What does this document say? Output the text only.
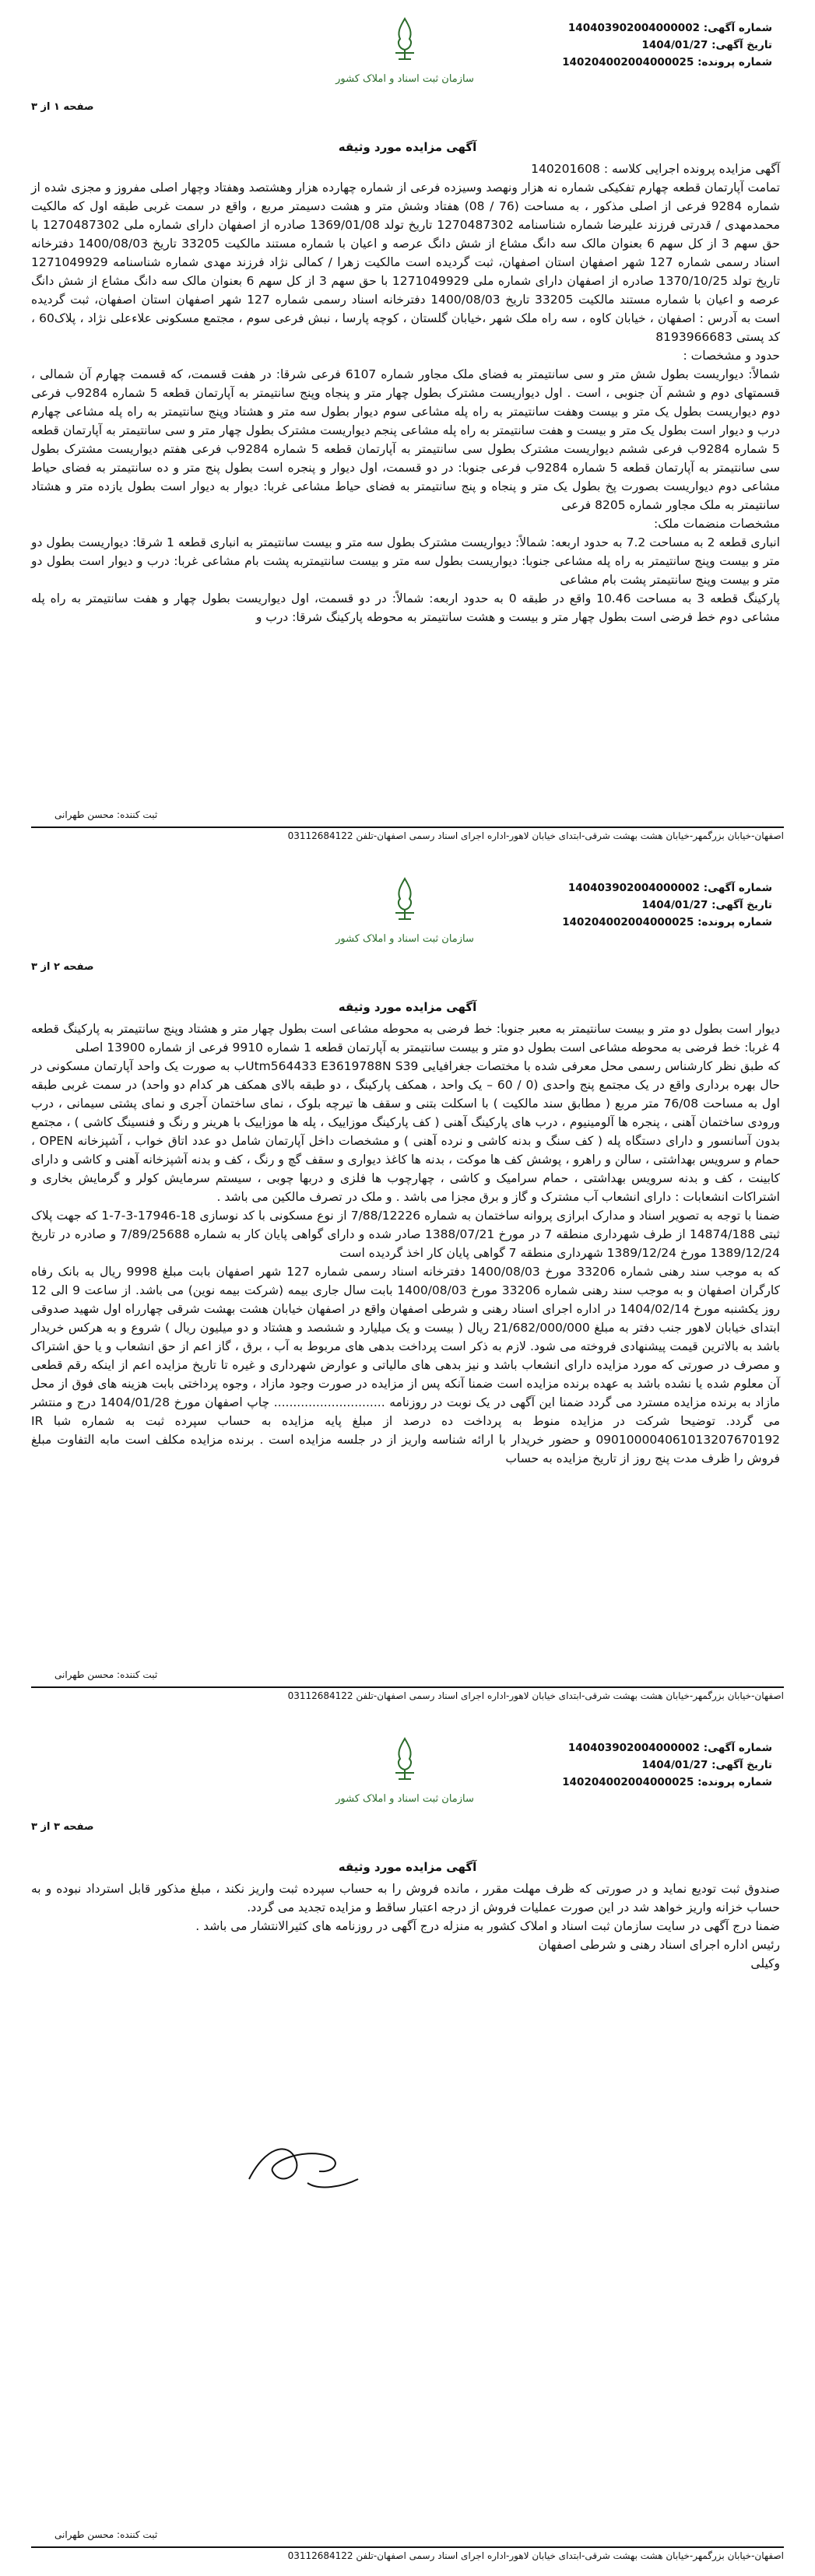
سازمان ثبت اسناد و املاک کشور
شماره آگهی: 140403902004000002
تاریخ آگهی: 1404/01/27
شماره پرونده: 140204002004000025
صفحه ۱ از ۳
آگهی مزایده مورد وثیقه

آگهی مزایده پرونده اجرایی کلاسه : 140201608

تمامت آپارتمان قطعه چهارم تفکیکی شماره نه هزار ونهصد وسیزده فرعی از شماره چهارده هزار وهشتصد وهفتاد وچهار اصلی مفروز و مجزی شده از شماره 9284 فرعی از اصلی مذکور ، به مساحت (76 / 08) هفتاد وشش متر و هشت دسیمتر مربع ، واقع در سمت غربی طبقه اول که مالکیت محمدمهدی / قدرتی فرزند علیرضا شماره شناسنامه 1270487302 تاریخ تولد 1369/01/08 صادره از اصفهان دارای شماره ملی 1270487302 با حق سهم 3 از کل سهم 6 بعنوان مالک سه دانگ مشاع از شش دانگ عرصه و اعیان با شماره مستند مالکیت 33205 تاریخ 1400/08/03 دفترخانه اسناد رسمی شماره 127 شهر اصفهان استان اصفهان، ثبت گردیده است مالکیت زهرا / کمالی نژاد فرزند مهدی شماره شناسنامه 1271049929 تاریخ تولد 1370/10/25 صادره از اصفهان دارای شماره ملی 1271049929 با حق سهم 3 از کل سهم 6 بعنوان مالک سه دانگ مشاع از شش دانگ عرصه و اعیان با شماره مستند مالکیت 33205 تاریخ 1400/08/03 دفترخانه اسناد رسمی شماره 127 شهر اصفهان استان اصفهان، ثبت گردیده است به آدرس : اصفهان ، خیابان کاوه ، سه راه ملک شهر ،خیابان گلستان ، کوچه پارسا ، نبش فرعی سوم ، مجتمع مسکونی علاءعلی نژاد ، پلاک60 ، کد پستی 8193966683

حدود و مشخصات :

شمالاً: دیواریست بطول شش متر و سی سانتیمتر به فضای ملک مجاور شماره 6107 فرعی شرقا: در هفت قسمت، که قسمت چهارم آن شمالی ، قسمتهای دوم و ششم آن جنوبی ، است . اول دیواریست مشترک بطول چهار متر و پنجاه وپنج سانتیمتر به آپارتمان قطعه 5 شماره 9284ب فرعی دوم دیواریست بطول یک متر و بیست وهفت سانتیمتر به راه پله مشاعی سوم دیوار بطول سه متر و هشتاد وپنج سانتیمتر به راه پله مشاعی چهارم درب و دیوار است بطول یک متر و بیست و هفت سانتیمتر به راه پله مشاعی پنجم دیواریست مشترک بطول چهار متر و سی سانتیمتر به آپارتمان قطعه 5 شماره 9284ب فرعی ششم دیواریست مشترک بطول سی سانتیمتر به آپارتمان قطعه 5 شماره 9284ب فرعی هفتم دیواریست مشترک بطول سی سانتیمتر به آپارتمان قطعه 5 شماره 9284ب فرعی جنوبا: در دو قسمت، اول دیوار و پنجره است بطول پنج متر و ده سانتیمتر به فضای حیاط مشاعی دوم دیواریست بصورت پخ بطول یک متر و پنجاه و پنج سانتیمتر به فضای حیاط مشاعی غربا: دیوار به دیوار است بطول یازده متر و هشتاد سانتیمتر به ملک مجاور شماره 8205 فرعی

مشخصات منضمات ملک:

انباری قطعه 2 به مساحت 7.2 به حدود اربعه: شمالاً: دیواریست مشترک بطول سه متر و بیست سانتیمتر به انباری قطعه 1 شرقا: دیواریست بطول دو متر و بیست وپنج سانتیمتر به راه پله مشاعی جنوبا: دیواریست بطول سه متر و بیست سانتیمتربه پشت بام مشاعی غربا: درب و دیوار است بطول دو متر و بیست وپنج سانتیمتر پشت بام مشاعی

پارکینگ قطعه 3 به مساحت 10.46 واقع در طبقه 0 به حدود اربعه: شمالاً: در دو قسمت، اول دیواریست بطول چهار و هفت سانتیمتر به راه پله مشاعی دوم خط فرضی است بطول چهار متر و بیست و هشت سانتیمتر به محوطه پارکینگ شرقا: درب و

ثبت کننده: محسن طهرانی
اصفهان-خیابان بزرگمهر-خیابان هشت بهشت شرقی-ابتدای خیابان لاهور-اداره اجرای اسناد رسمی اصفهان-تلفن 03112684122
سازمان ثبت اسناد و املاک کشور
شماره آگهی: 140403902004000002
تاریخ آگهی: 1404/01/27
شماره پرونده: 140204002004000025
صفحه ۲ از ۳
آگهی مزایده مورد وثیقه

دیوار است بطول دو متر و بیست سانتیمتر به معبر جنوبا: خط فرضی به محوطه مشاعی است بطول چهار متر و هشتاد وپنج سانتیمتر به پارکینگ قطعه 4 غربا: خط فرضی به محوطه مشاعی است بطول دو متر و بیست سانتیمتر به آپارتمان قطعه 1 شماره 9910 فرعی از شماره 13900 اصلی

که طبق نظر کارشناس رسمی محل معرفی شده با مختصات جغرافیایی Utm564433 E3619788N S39ب به صورت یک واحد آپارتمان مسکونی در حال بهره برداری واقع در یک مجتمع پنج واحدی (0 / 60 – یک واحد ، همکف پارکینگ ، دو طبقه بالای همکف هر کدام دو واحد) در سمت غربی طبقه اول به مساحت 76/08 متر مربع ( مطابق سند مالکیت ) با اسکلت بتنی و سقف ها تیرچه بلوک ، نمای ساختمان آجری و نمای پشتی سیمانی ، درب ورودی ساختمان آهنی ، پنجره ها آلومینیوم ، درب های پارکینگ آهنی ( کف پارکینگ موزاییک ، پله ها موزاییک با هرینر و رنگ و فنسینگ کاشی ) ، مجتمع بدون آسانسور و دارای دستگاه پله ( کف سنگ و بدنه کاشی و نرده آهنی ) و مشخصات داخل آپارتمان شامل دو عدد اتاق خواب ، آشپزخانه OPEN ، حمام و سرویس بهداشتی ، سالن و راهرو ، پوشش کف ها موکت ، بدنه ها کاغذ دیواری و سقف گچ و رنگ ، کف و بدنه آشپزخانه آهنی و کاشی و دارای کابینت ، کف و بدنه سرویس بهداشتی ، حمام سرامیک و کاشی ، چهارچوب ها فلزی و دربها چوبی ، سیستم سرمایش کولر و گرمایش بخاری و اشتراکات انشعابات : دارای انشعاب آب مشترک و گاز و برق مجزا می باشد . و ملک در تصرف مالکین می باشد .

ضمنا با توجه به تصویر اسناد و مدارک ابرازی پروانه ساختمان به شماره 7/88/12226 از نوع مسکونی با کد نوسازی 18-17946-3-7-1 که جهت پلاک ثبتی 14874/188 از طرف شهرداری منطقه 7 در مورخ 1388/07/21 صادر شده و دارای گواهی پایان کار به شماره 7/89/25688 و صادره در تاریخ 1389/12/24 مورخ 1389/12/24 شهرداری منطقه 7 گواهی پایان کار اخذ گردیده است

که به موجب سند رهنی شماره 33206 مورخ 1400/08/03 دفترخانه اسناد رسمی شماره 127 شهر اصفهان بابت مبلغ 9998 ریال به بانک رفاه کارگران اصفهان و به موجب سند رهنی شماره 33206 مورخ 1400/08/03 بابت سال جاری بیمه (شرکت بیمه نوین) می باشد. از ساعت 9 الی 12 روز یکشنبه مورخ 1404/02/14 در اداره اجرای اسناد رهنی و شرطی اصفهان واقع در اصفهان خیابان هشت بهشت شرقی چهارراه اول شهید صدوقی ابتدای خیابان لاهور جنب دفتر به مبلغ 21/682/000/000 ریال ( بیست و یک میلیارد و ششصد و هشتاد و دو میلیون ریال ) شروع و به هرکس خریدار باشد به بالاترین قیمت پیشنهادی فروخته می شود. لازم به ذکر است پرداخت بدهی های مربوط به آب ، برق ، گاز اعم از حق انشعاب و یا حق اشتراک و مصرف در صورتی که مورد مزایده دارای انشعاب باشد و نیز بدهی های مالیاتی و عوارض شهرداری و غیره تا تاریخ مزایده اعم از اینکه رقم قطعی آن معلوم شده یا نشده باشد به عهده برنده مزایده است ضمنا آنکه پس از مزایده در صورت وجود مازاد ، وجوه پرداختی بابت هزینه های فوق از محل مازاد به برنده مزایده مسترد می گردد ضمنا این آگهی در یک نوبت در روزنامه ............................. چاپ اصفهان مورخ 1404/01/28 درج و منتشر می گردد. توضیحا شرکت در مزایده منوط به پرداخت ده درصد از مبلغ پایه مزایده به حساب سپرده ثبت به شماره شبا IR 090100004061013207670192 و حضور خریدار با ارائه شناسه واریز از در جلسه مزایده است . برنده مزایده مکلف است مابه التفاوت مبلغ فروش را ظرف مدت پنج روز از تاریخ مزایده به حساب

ثبت کننده: محسن طهرانی
اصفهان-خیابان بزرگمهر-خیابان هشت بهشت شرقی-ابتدای خیابان لاهور-اداره اجرای اسناد رسمی اصفهان-تلفن 03112684122
سازمان ثبت اسناد و املاک کشور
شماره آگهی: 140403902004000002
تاریخ آگهی: 1404/01/27
شماره پرونده: 140204002004000025
صفحه ۳ از ۳
آگهی مزایده مورد وثیقه

صندوق ثبت تودیع نماید و در صورتی که ظرف مهلت مقرر ، مانده فروش را به حساب سپرده ثبت واریز نکند ، مبلغ مذکور قابل استرداد نبوده و به حساب خزانه واریز خواهد شد در این صورت عملیات فروش از درجه اعتبار ساقط و مزایده تجدید می گردد.

ضمنا درج آگهی در سایت سازمان ثبت اسناد و املاک کشور به منزله درج آگهی در روزنامه های کثیرالانتشار می باشد .

رئیس اداره اجرای اسناد رهنی و شرطی اصفهان

وکیلی

ثبت کننده: محسن طهرانی
اصفهان-خیابان بزرگمهر-خیابان هشت بهشت شرقی-ابتدای خیابان لاهور-اداره اجرای اسناد رسمی اصفهان-تلفن 03112684122
